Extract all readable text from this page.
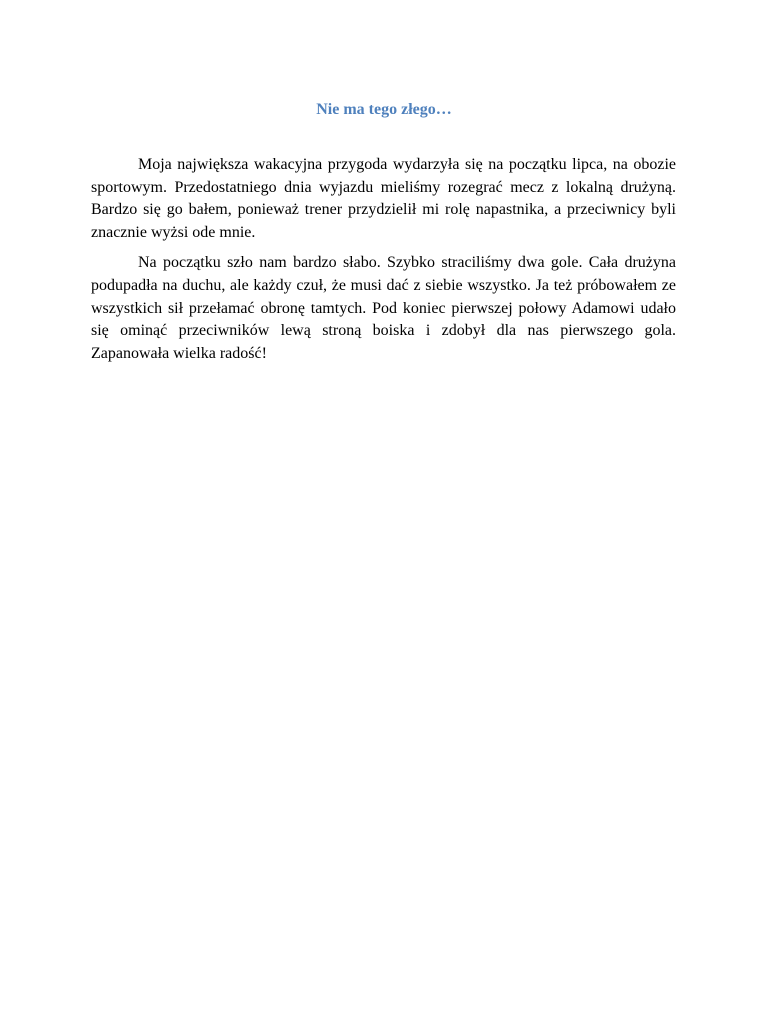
Nie ma tego złego…

Moja największa wakacyjna przygoda wydarzyła się na początku lipca, na obozie sportowym. Przedostatniego dnia wyjazdu mieliśmy rozegrać mecz z lokalną drużyną. Bardzo się go bałem, ponieważ trener przydzielił mi rolę napastnika, a przeciwnicy byli znacznie wyżsi ode mnie.

Na początku szło nam bardzo słabo. Szybko straciliśmy dwa gole. Cała drużyna podupadła na duchu, ale każdy czuł, że musi dać z siebie wszystko. Ja też próbowałem ze wszystkich sił przełamać obronę tamtych. Pod koniec pierwszej połowy Adamowi udało się ominąć przeciwników lewą stroną boiska i zdobył dla nas pierwszego gola. Zapanowała wielka radość!
